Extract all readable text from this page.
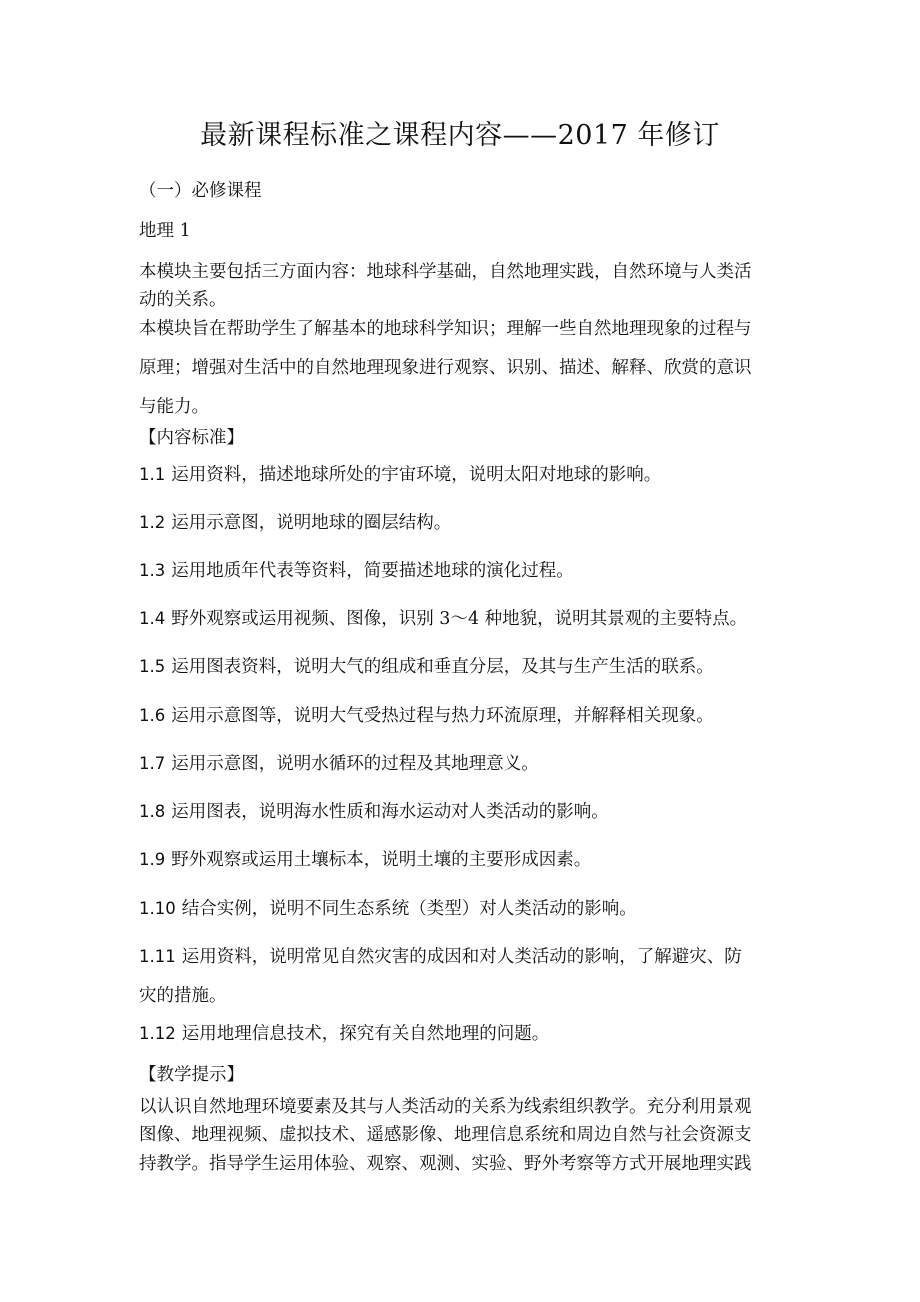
最新课程标准之课程内容——2017 年修订
（一）必修课程
地理 1
本模块主要包括三方面内容：地球科学基础，自然地理实践，自然环境与人类活
动的关系。
本模块旨在帮助学生了解基本的地球科学知识；理解一些自然地理现象的过程与
原理；增强对生活中的自然地理现象进行观察、识别、描述、解释、欣赏的意识
与能力。
【内容标准】
1.1 运用资料，描述地球所处的宇宙环境，说明太阳对地球的影响。
1.2 运用示意图，说明地球的圈层结构。
1.3 运用地质年代表等资料，简要描述地球的演化过程。
1.4 野外观察或运用视频、图像，识别 3～4 种地貌，说明其景观的主要特点。
1.5 运用图表资料，说明大气的组成和垂直分层，及其与生产生活的联系。
1.6 运用示意图等，说明大气受热过程与热力环流原理，并解释相关现象。
1.7 运用示意图，说明水循环的过程及其地理意义。
1.8 运用图表，说明海水性质和海水运动对人类活动的影响。
1.9 野外观察或运用土壤标本，说明土壤的主要形成因素。
1.10 结合实例，说明不同生态系统（类型）对人类活动的影响。
1.11 运用资料，说明常见自然灾害的成因和对人类活动的影响，了解避灾、防
灾的措施。
1.12 运用地理信息技术，探究有关自然地理的问题。
【教学提示】
以认识自然地理环境要素及其与人类活动的关系为线索组织教学。充分利用景观
图像、地理视频、虚拟技术、遥感影像、地理信息系统和周边自然与社会资源支
持教学。指导学生运用体验、观察、观测、实验、野外考察等方式开展地理实践
